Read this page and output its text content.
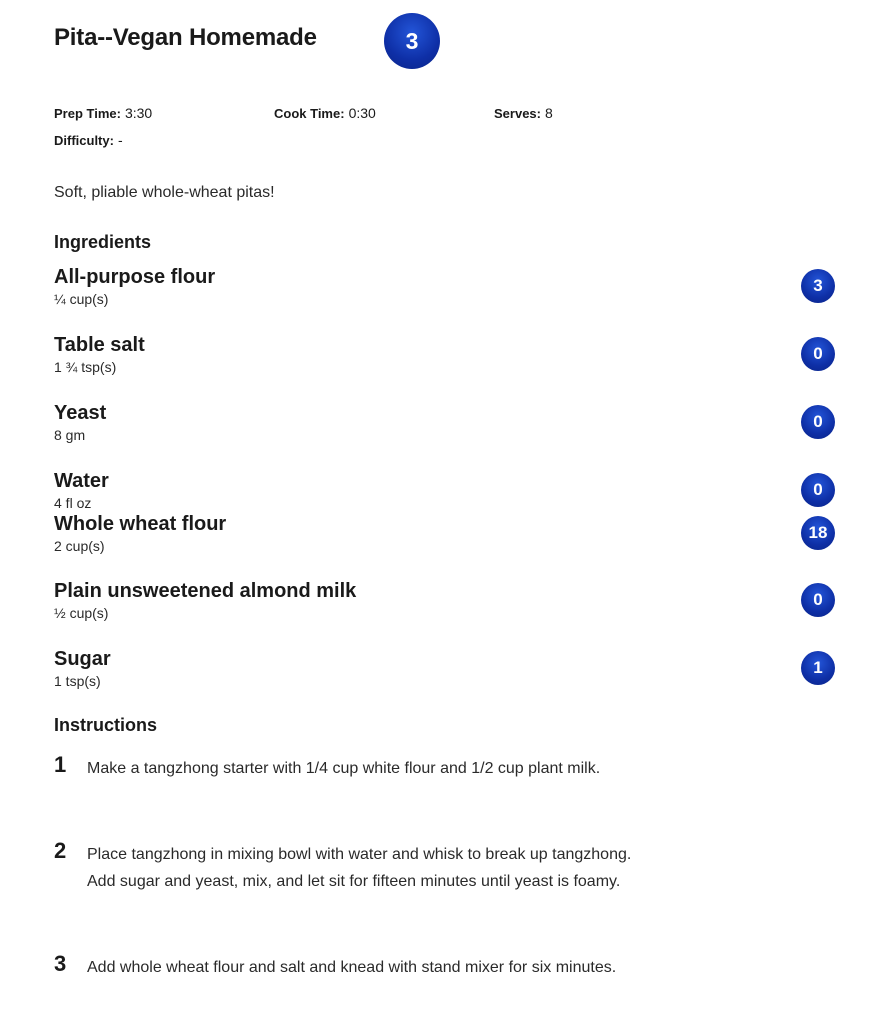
Pita--Vegan Homemade	3
Prep Time: 3:30	Cook Time: 0:30	Serves: 8
Difficulty: -
Soft, pliable whole-wheat pitas!
Ingredients
All-purpose flour
¼ cup(s)
3
Table salt
1 ¾ tsp(s)
0
Yeast
8 gm
0
Water
4 fl oz
0
Whole wheat flour
2 cup(s)
18
Plain unsweetened almond milk
½ cup(s)
0
Sugar
1 tsp(s)
1
Instructions
1 Make a tangzhong starter with 1/4 cup white flour and 1/2 cup plant milk.
2 Place tangzhong in mixing bowl with water and whisk to break up tangzhong. Add sugar and yeast, mix, and let sit for fifteen minutes until yeast is foamy.
3 Add whole wheat flour and salt and knead with stand mixer for six minutes.
